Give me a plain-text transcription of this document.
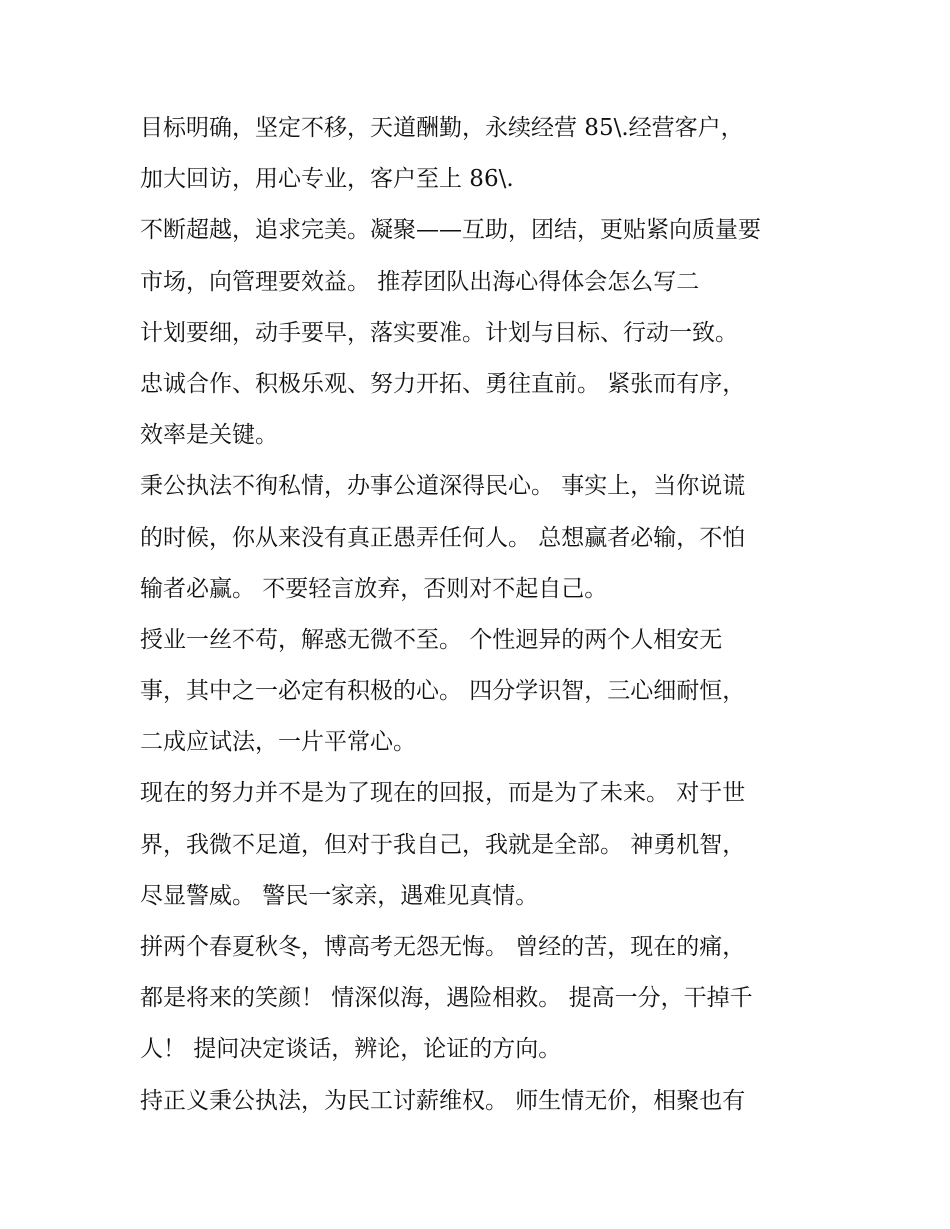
目标明确，坚定不移，天道酬勤，永续经营 85\.经营客户，
加大回访，用心专业，客户至上 86\.
不断超越，追求完美。凝聚——互助，团结，更贴紧向质量要
市场，向管理要效益。 推荐团队出海心得体会怎么写二
计划要细，动手要早，落实要准。计划与目标、行动一致。
忠诚合作、积极乐观、努力开拓、勇往直前。 紧张而有序，
效率是关键。
秉公执法不徇私情，办事公道深得民心。 事实上，当你说谎
的时候，你从来没有真正愚弄任何人。 总想赢者必输，不怕
输者必赢。 不要轻言放弃，否则对不起自己。
授业一丝不苟，解惑无微不至。 个性迥异的两个人相安无
事，其中之一必定有积极的心。 四分学识智，三心细耐恒，
二成应试法，一片平常心。
现在的努力并不是为了现在的回报，而是为了未来。 对于世
界，我微不足道，但对于我自己，我就是全部。 神勇机智，
尽显警威。 警民一家亲，遇难见真情。
拼两个春夏秋冬，博高考无怨无悔。 曾经的苦，现在的痛，
都是将来的笑颜！ 情深似海，遇险相救。 提高一分，干掉千
人！ 提问决定谈话，辨论，论证的方向。
持正义秉公执法，为民工讨薪维权。 师生情无价，相聚也有
